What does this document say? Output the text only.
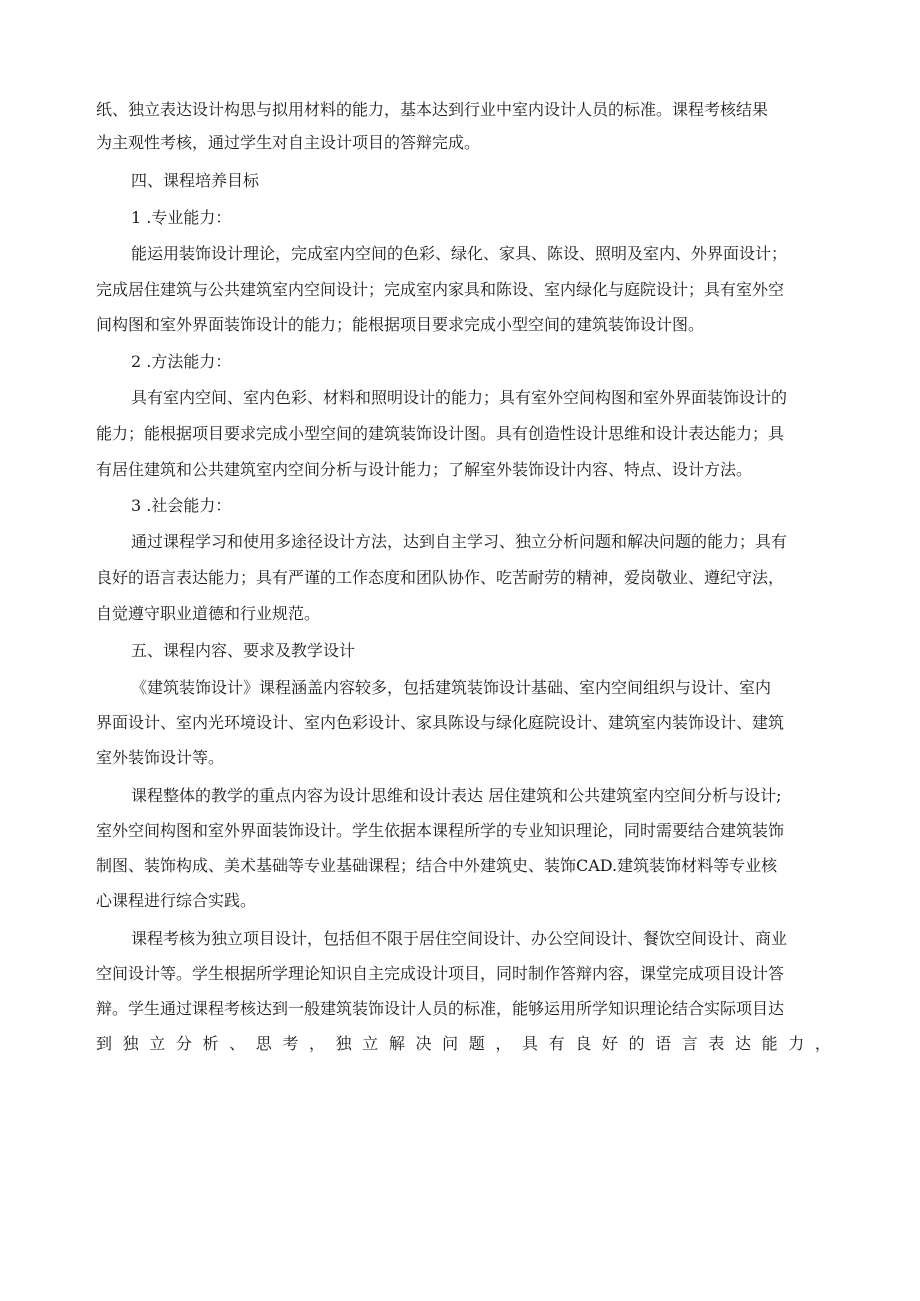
纸、独立表达设计构思与拟用材料的能力，基本达到行业中室内设计人员的标准。课程考核结果
为主观性考核，通过学生对自主设计项目的答辩完成。
四、课程培养目标
1 .专业能力：
能运用装饰设计理论，完成室内空间的色彩、绿化、家具、陈设、照明及室内、外界面设计；
完成居住建筑与公共建筑室内空间设计；完成室内家具和陈设、室内绿化与庭院设计；具有室外空
间构图和室外界面装饰设计的能力；能根据项目要求完成小型空间的建筑装饰设计图。
2 .方法能力：
具有室内空间、室内色彩、材料和照明设计的能力；具有室外空间构图和室外界面装饰设计的
能力；能根据项目要求完成小型空间的建筑装饰设计图。具有创造性设计思维和设计表达能力；具
有居住建筑和公共建筑室内空间分析与设计能力；了解室外装饰设计内容、特点、设计方法。
3 .社会能力：
通过课程学习和使用多途径设计方法，达到自主学习、独立分析问题和解决问题的能力；具有
良好的语言表达能力；具有严谨的工作态度和团队协作、吃苦耐劳的精神，爱岗敬业、遵纪守法，
自觉遵守职业道德和行业规范。
五、课程内容、要求及教学设计
《建筑装饰设计》课程涵盖内容较多，包括建筑装饰设计基础、室内空间组织与设计、室内
界面设计、室内光环境设计、室内色彩设计、家具陈设与绿化庭院设计、建筑室内装饰设计、建筑
室外装饰设计等。
课程整体的教学的重点内容为设计思维和设计表达 居住建筑和公共建筑室内空间分析与设计;
室外空间构图和室外界面装饰设计。学生依据本课程所学的专业知识理论，同时需要结合建筑装饰
制图、装饰构成、美术基础等专业基础课程；结合中外建筑史、装饰CAD.建筑装饰材料等专业核
心课程进行综合实践。
课程考核为独立项目设计，包括但不限于居住空间设计、办公空间设计、餐饮空间设计、商业
空间设计等。学生根据所学理论知识自主完成设计项目，同时制作答辩内容，课堂完成项目设计答
辩。学生通过课程考核达到一般建筑装饰设计人员的标准，能够运用所学知识理论结合实际项目达
到 独 立 分 析 、 思 考 ， 独 立 解 决 问 题 ， 具 有 良 好 的 语 言 表 达 能 力 ，
